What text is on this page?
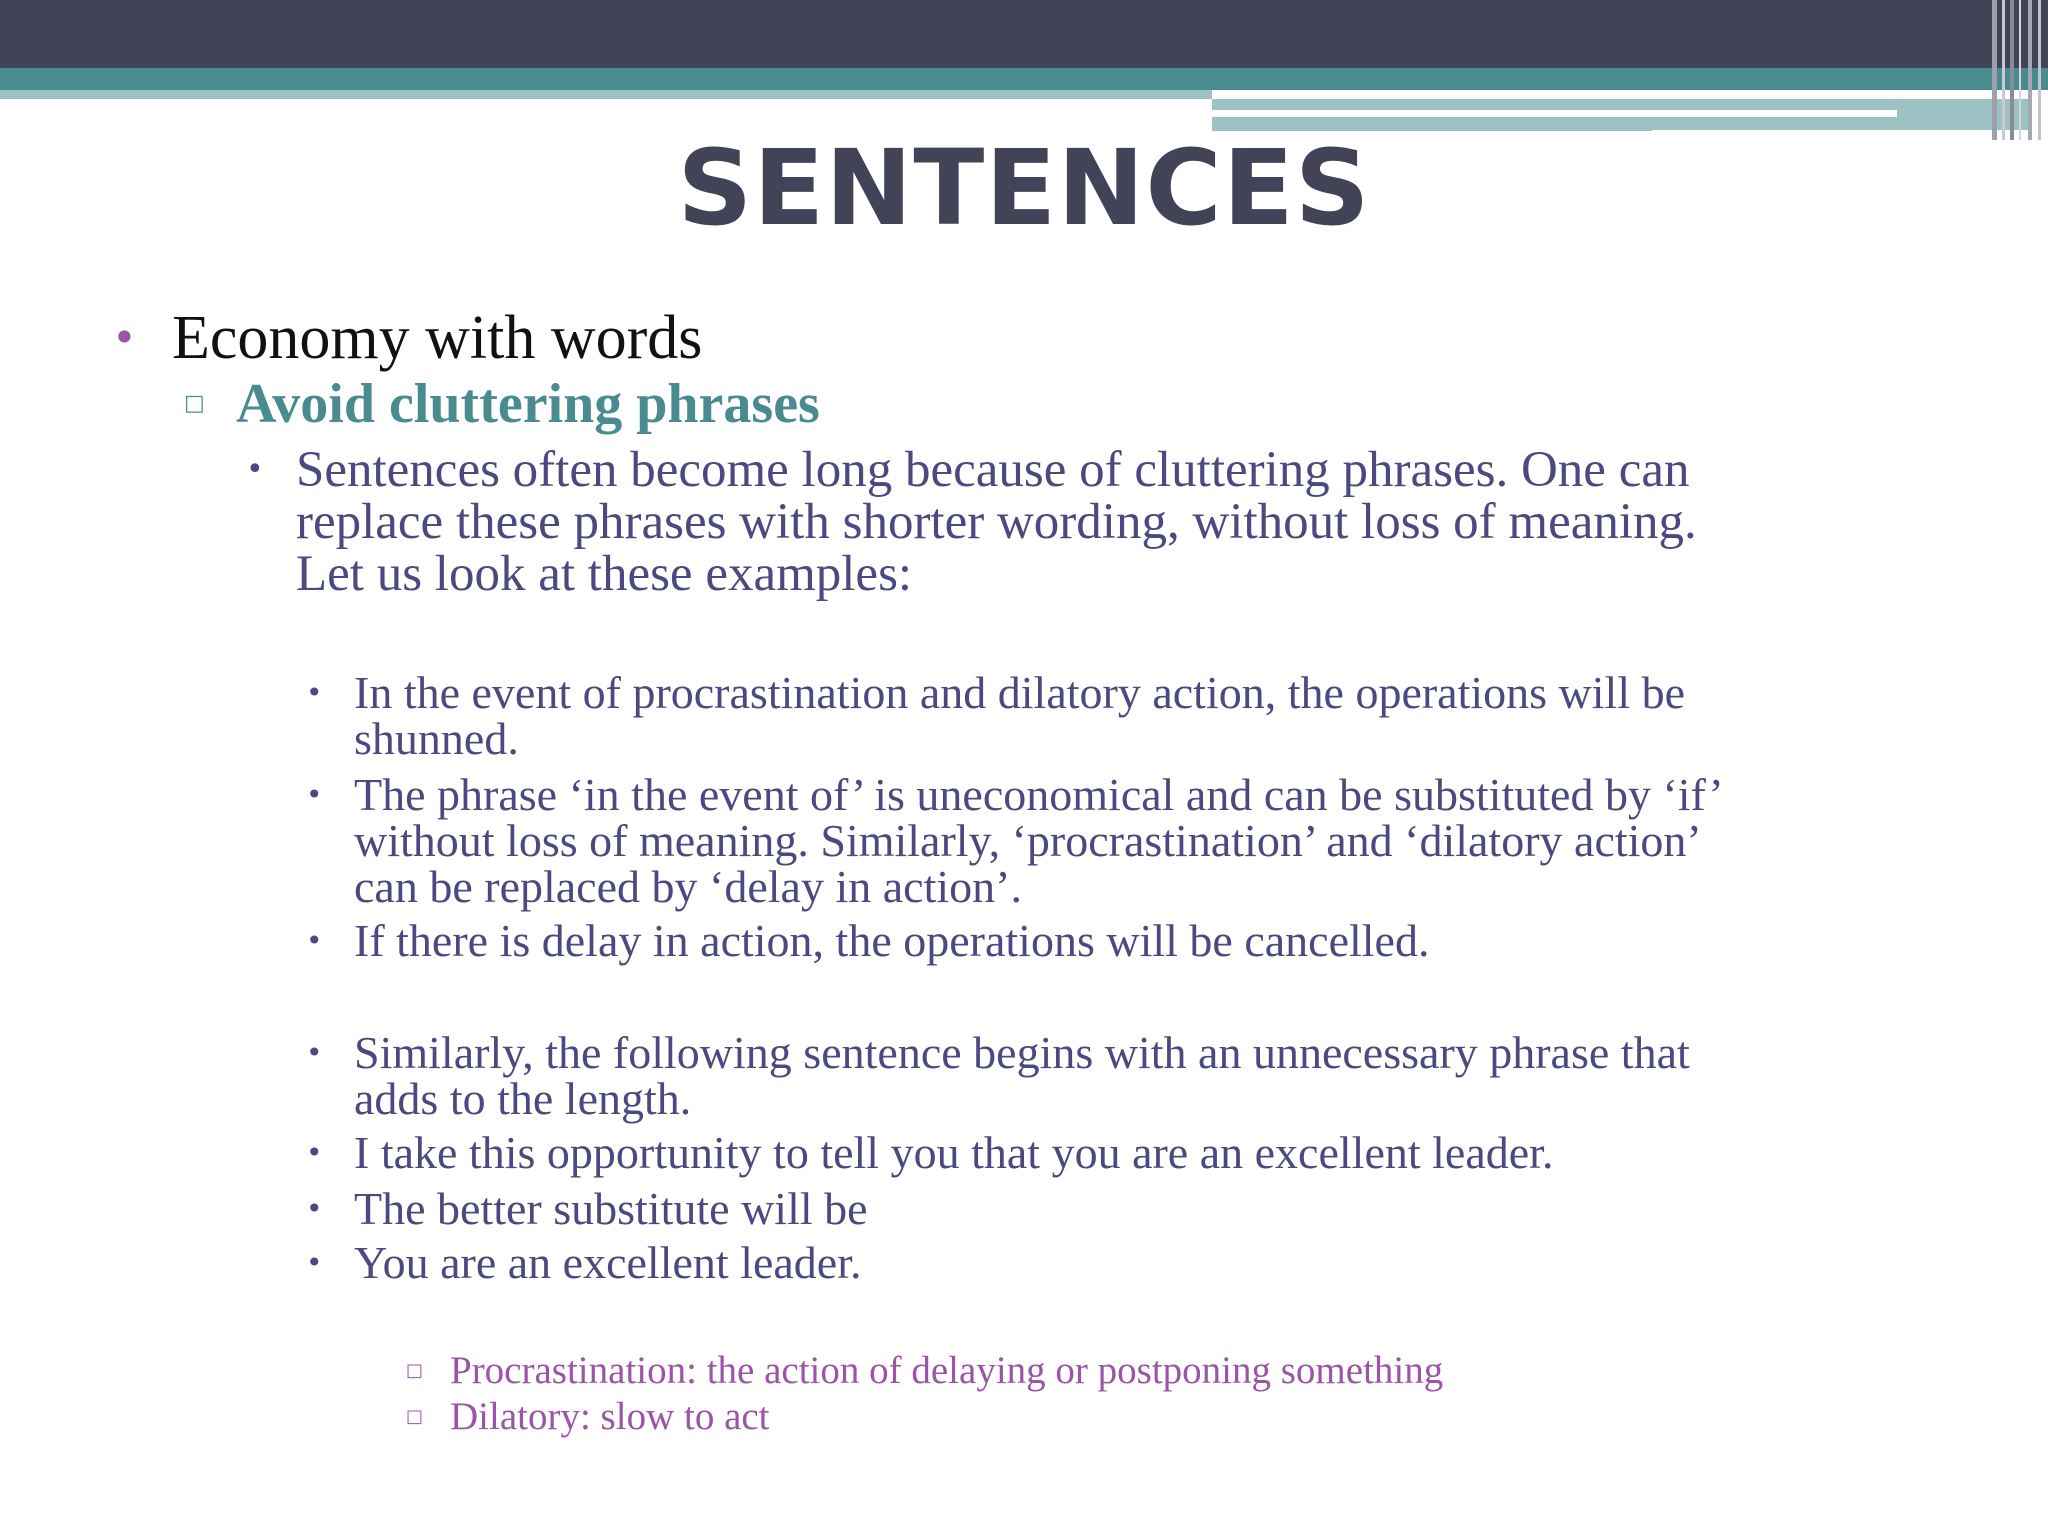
SENTENCES
• Economy with words
□ Avoid cluttering phrases
• Sentences often become long because of cluttering phrases. One can
replace these phrases with shorter wording, without loss of meaning.
Let us look at these examples:
• In the event of procrastination and dilatory action, the operations will be
shunned.
• The phrase ‘in the event of’ is uneconomical and can be substituted by ‘if’
without loss of meaning. Similarly, ‘procrastination’ and ‘dilatory action’
can be replaced by ‘delay in action’.
• If there is delay in action, the operations will be cancelled.
• Similarly, the following sentence begins with an unnecessary phrase that
adds to the length.
• I take this opportunity to tell you that you are an excellent leader.
• The better substitute will be
• You are an excellent leader.
□ Procrastination: the action of delaying or postponing something
□ Dilatory: slow to act
